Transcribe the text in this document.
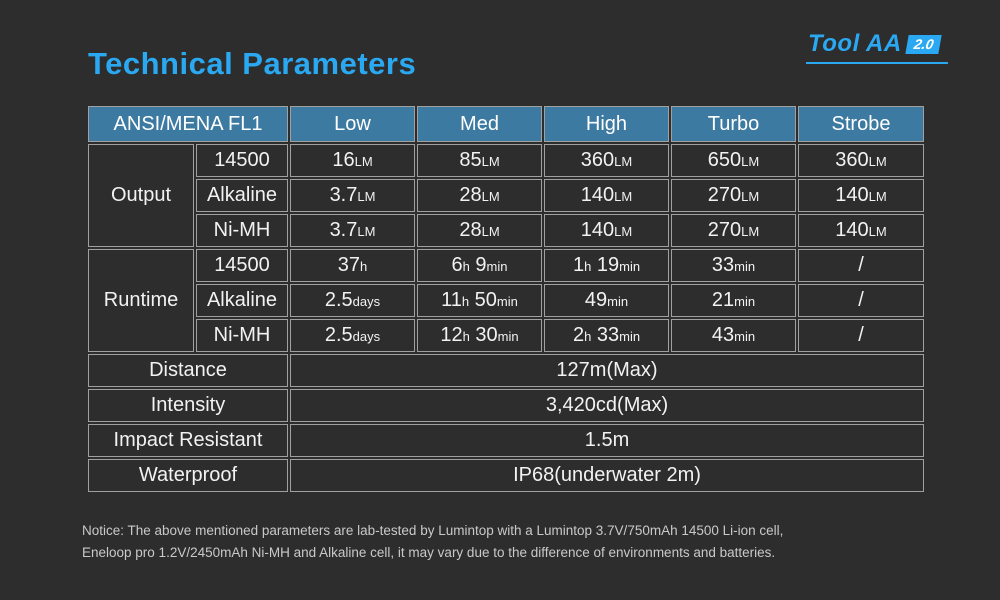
Technical Parameters
Tool AA 2.0
ANSI/MENA FL1		Low	Med	High	Turbo	Strobe
Output	14500	16LM	85LM	360LM	650LM	360LM
	Alkaline	3.7LM	28LM	140LM	270LM	140LM
	Ni-MH	3.7LM	28LM	140LM	270LM	140LM
Runtime	14500	37h	6h 9min	1h 19min	33min	/
	Alkaline	2.5days	11h 50min	49min	21min	/
	Ni-MH	2.5days	12h 30min	2h 33min	43min	/
Distance		127m(Max)				
Intensity		3,420cd(Max)				
Impact Resistant		1.5m				
Waterproof		IP68(underwater 2m)				

Notice: The above mentioned parameters are lab-tested by Lumintop with a Lumintop 3.7V/750mAh 14500 Li-ion cell,
Eneloop pro 1.2V/2450mAh Ni-MH and Alkaline cell, it may vary due to the difference of environments and batteries.
